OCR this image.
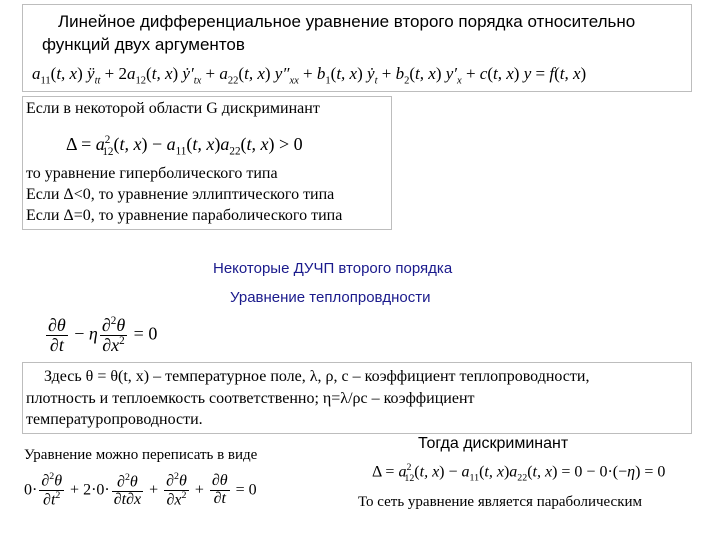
Линейное дифференциальное уравнение второго порядка относительно
функций двух аргументов
$a_{11}(t$, x) $ÿ_{tt} + 2a_{12}(t$, x) $ẏ'_{tx} + a_{22}(t$, x) $y''_{xx} + b_1(t$, x) $ẏ_t + b_2(t$, x) $y'_x + c(t$, x) y = f(t, x)
Если в некоторой области G дискриминант
$\Delta = a^2_{12}(t$, $x) - a_{11}(t$, $x)a_{22}(t$, x) > 0
то уравнение гиперболического типа
Если Δ<0, то уравнение эллиптического типа
Если Δ=0, то уравнение параболического типа
Некоторые ДУЧП второго порядка
Уравнение теплопровдности
$\frac{\partial\theta}{\partial t} - \eta \frac{\partial^2\theta}{\partial x^2} = 0$
Здесь θ = θ(t, x) – температурное поле, λ, ρ, c – коэффициент теплопроводности,
плотность и теплоемкость соответственно; η=λ/ρc – коэффициент
температуропроводности.
Уравнение можно переписать в виде
Тогда дискриминант
$0\cdot \frac{\partial^2\theta}{\partial t^2} + 2\cdot 0\cdot \frac{\partial^2\theta}{\partial t\partial x} + \frac{\partial^2\theta}{\partial x^2} + \frac{\partial\theta}{\partial t} = 0$
$\Delta = a^2_{12}(t$, $x) - a_{11}(t$, $x)a_{22}(t$, x) = 0 − 0·(−η) = 0
То сеть уравнение является параболическим
